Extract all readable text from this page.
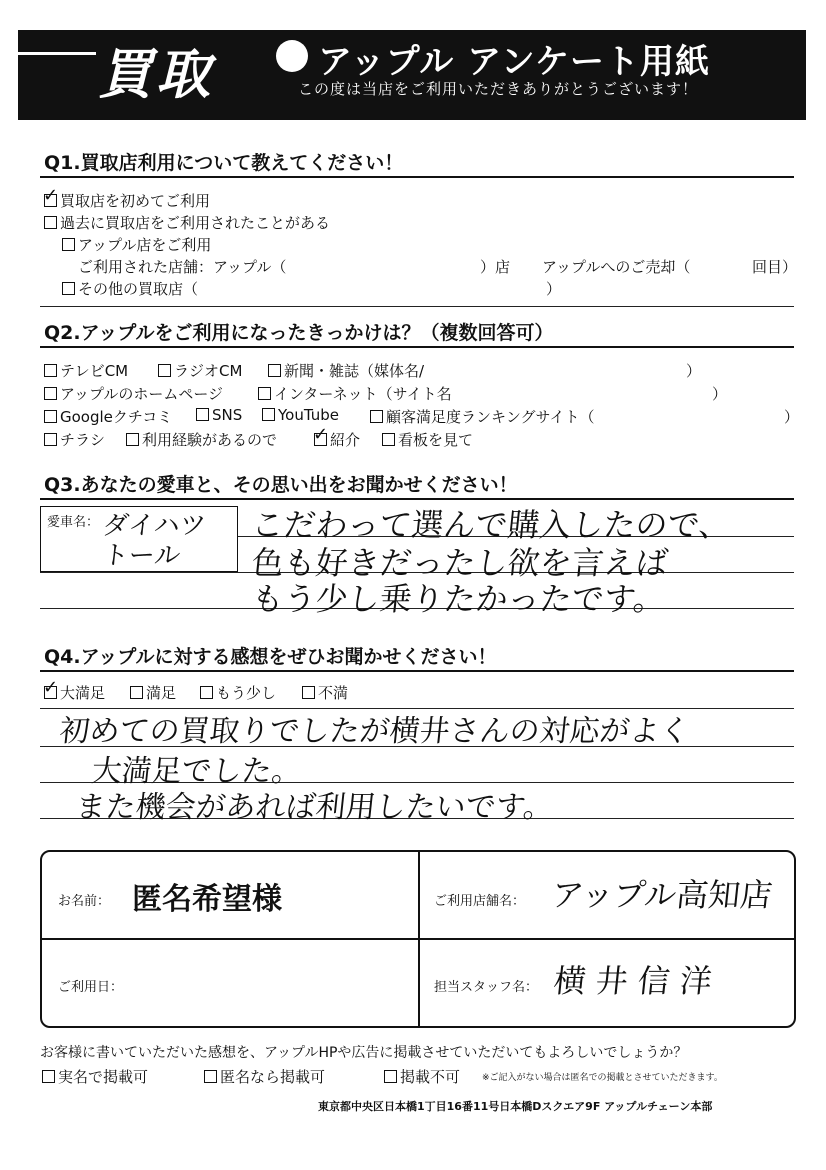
買取	アップル アンケート用紙
この度は当店をご利用いただきありがとうございます！
Q1.買取店利用について教えてください！
✓ 買取店を初めてご利用
過去に買取店をご利用されたことがある
アップル店をご利用
ご利用された店舗：アップル（	）店 アップルへのご売却（	回目）
その他の買取店（	）
Q2.アップルをご利用になったきっかけは？（複数回答可）
テレビCM	ラジオCM	新聞・雑誌（媒体名/	）
アップルのホームページ	インターネット（サイト名	）
Googleクチコミ	SNS	YouTube	顧客満足度ランキングサイト（	）
チラシ	利用経験があるので ✓ 紹介	看板を見て
Q3.あなたの愛車と、その思い出をお聞かせください！
愛車名： ダイハツ
トール
こだわって選んで購入したので、
色も好きだったし欲を言えば
もう少し乗りたかったです。
Q4.アップルに対する感想をぜひお聞かせください！
✓ 大満足	満足	もう少し	不満
初めての買取りでしたが横井さんの対応がよく
大満足でした。
また機会があれば利用したいです。
お名前： 匿名希望様	ご利用店舗名： アップル高知店
ご利用日：	担当スタッフ名： 横井信洋
お客様に書いていただいた感想を、アップルHPや広告に掲載させていただいてもよろしいでしょうか？
実名で掲載可	匿名なら掲載可	掲載不可 ※ご記入がない場合は匿名での掲載とさせていただきます。
東京都中央区日本橋1丁目16番11号日本橋Dスクエア9F アップルチェーン本部
